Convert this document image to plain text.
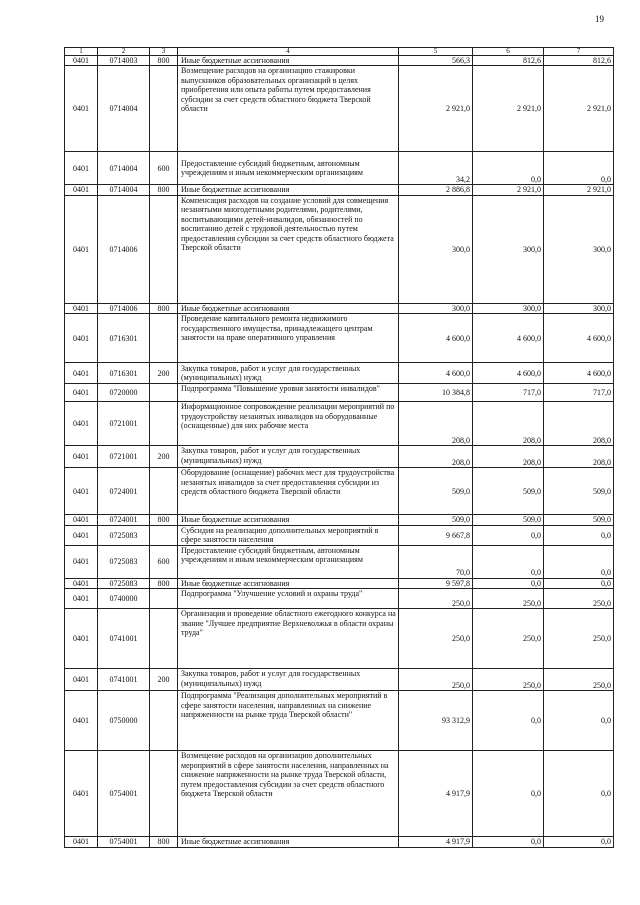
19
1	2	3	4	5	6	7
0401	0714003	800	Иные бюджетные ассигнования	566,3	812,6	812,6
0401	0714004		Возмещение расходов на организацию стажировки выпускников образовательных организаций в целях приобретения или опыта работы путем предоставления субсидии за счет средств областного бюджета Тверской области	2 921,0	2 921,0	2 921,0
0401	0714004	600	Предоставление субсидий бюджетным, автономным учреждениям и иным некоммерческим организациям	34,2	0,0	0,0
0401	0714004	800	Иные бюджетные ассигнования	2 886,8	2 921,0	2 921,0
0401	0714006		Компенсация расходов на создание условий для совмещения незанятыми многодетными родителями, родителями, воспитывающими детей-инвалидов, обязанностей по воспитанию детей с трудовой деятельностью путем предоставления субсидии за счет средств областного бюджета Тверской области	300,0	300,0	300,0
0401	0714006	800	Иные бюджетные ассигнования	300,0	300,0	300,0
0401	0716301		Проведение капитального ремонта недвижимого государственного имущества, принадлежащего центрам занятости на праве оперативного управления	4 600,0	4 600,0	4 600,0
0401	0716301	200	Закупка товаров, работ и услуг для государственных (муниципальных) нужд	4 600,0	4 600,0	4 600,0
0401	0720000		Подпрограмма "Повышение уровня занятости инвалидов"	10 384,8	717,0	717,0
0401	0721001		Информационное сопровождение реализации мероприятий по трудоустройству незанятых инвалидов на оборудованные (оснащенные) для них рабочие места	208,0	208,0	208,0
0401	0721001	200	Закупка товаров, работ и услуг для государственных (муниципальных) нужд	208,0	208,0	208,0
0401	0724001		Оборудование (оснащение) рабочих мест для трудоустройства незанятых инвалидов за счет предоставления субсидии из средств областного бюджета Тверской области	509,0	509,0	509,0
0401	0724001	800	Иные бюджетные ассигнования	509,0	509,0	509,0
0401	0725083		Субсидия на реализацию дополнительных мероприятий в сфере занятости населения	9 667,8	0,0	0,0
0401	0725083	600	Предоставление субсидий бюджетным, автономным учреждениям и иным некоммерческим организациям	70,0	0,0	0,0
0401	0725083	800	Иные бюджетные ассигнования	9 597,8	0,0	0,0
0401	0740000		Подпрограмма "Улучшение условий и охраны труда"	250,0	250,0	250,0
0401	0741001		Организация и проведение областного ежегодного конкурса на звание "Лучшее предприятие Верхневолжья в области охраны труда"	250,0	250,0	250,0
0401	0741001	200	Закупка товаров, работ и услуг для государственных (муниципальных) нужд	250,0	250,0	250,0
0401	0750000		Подпрограмма "Реализация дополнительных мероприятий в сфере занятости населения, направленных на снижение напряженности на рынке труда Тверской области"	93 312,9	0,0	0,0
0401	0754001		Возмещение расходов на организацию дополнительных мероприятий в сфере занятости населения, направленных на снижение напряженности на рынке труда Тверской области, путем предоставления субсидии за счет средств областного бюджета Тверской области	4 917,9	0,0	0,0
0401	0754001	800	Иные бюджетные ассигнования	4 917,9	0,0	0,0
